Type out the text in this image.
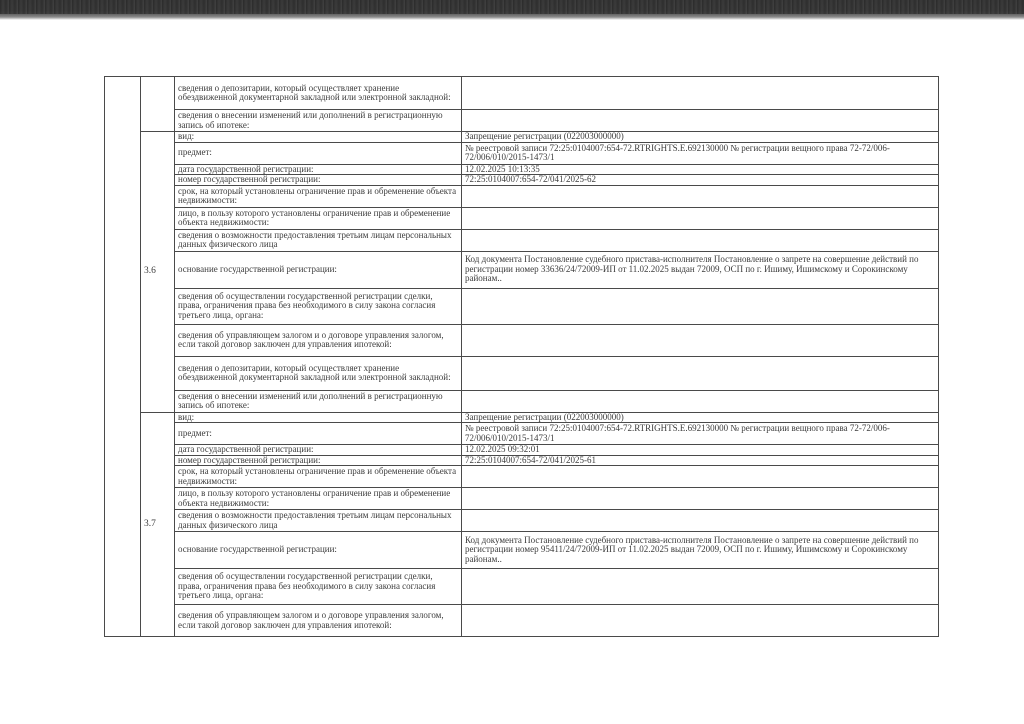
		сведения о депозитарии, который осуществляет хранение обездвиженной документарной закладной или электронной закладной:	
		сведения о внесении изменений или дополнений в регистрационную запись об ипотеке:	

	3.6	вид:	Запрещение регистрации (022003000000)
		предмет:	№ реестровой записи 72:25:0104007:654-72.RTRIGHTS.E.692130000 № регистрации вещного права 72-72/006-72/006/010/2015-1473/1
		дата государственной регистрации:	12.02.2025 10:13:35
		номер государственной регистрации:	72:25:0104007:654-72/041/2025-62
		срок, на который установлены ограничение прав и обременение объекта недвижимости:	
		лицо, в пользу которого установлены ограничение прав и обременение объекта недвижимости:	
		сведения о возможности предоставления третьим лицам персональных данных физического лица	
		основание государственной регистрации:	Код документа Постановление судебного пристава-исполнителя Постановление о запрете на совершение действий по регистрации номер 33636/24/72009-ИП от 11.02.2025 выдан 72009, ОСП по г. Ишиму, Ишимскому и Сорокинскому районам..
		сведения об осуществлении государственной регистрации сделки, права, ограничения права без необходимого в силу закона согласия третьего лица, органа:	
		сведения об управляющем залогом и о договоре управления залогом, если такой договор заключен для управления ипотекой:	
		сведения о депозитарии, который осуществляет хранение обездвиженной документарной закладной или электронной закладной:	
		сведения о внесении изменений или дополнений в регистрационную запись об ипотеке:	

	3.7	вид:	Запрещение регистрации (022003000000)
		предмет:	№ реестровой записи 72:25:0104007:654-72.RTRIGHTS.E.692130000 № регистрации вещного права 72-72/006-72/006/010/2015-1473/1
		дата государственной регистрации:	12.02.2025 09:32:01
		номер государственной регистрации:	72:25:0104007:654-72/041/2025-61
		срок, на который установлены ограничение прав и обременение объекта недвижимости:	
		лицо, в пользу которого установлены ограничение прав и обременение объекта недвижимости:	
		сведения о возможности предоставления третьим лицам персональных данных физического лица	
		основание государственной регистрации:	Код документа Постановление судебного пристава-исполнителя Постановление о запрете на совершение действий по регистрации номер 95411/24/72009-ИП от 11.02.2025 выдан 72009, ОСП по г. Ишиму, Ишимскому и Сорокинскому районам..
		сведения об осуществлении государственной регистрации сделки, права, ограничения права без необходимого в силу закона согласия третьего лица, органа:	
		сведения об управляющем залогом и о договоре управления залогом, если такой договор заключен для управления ипотекой:	
